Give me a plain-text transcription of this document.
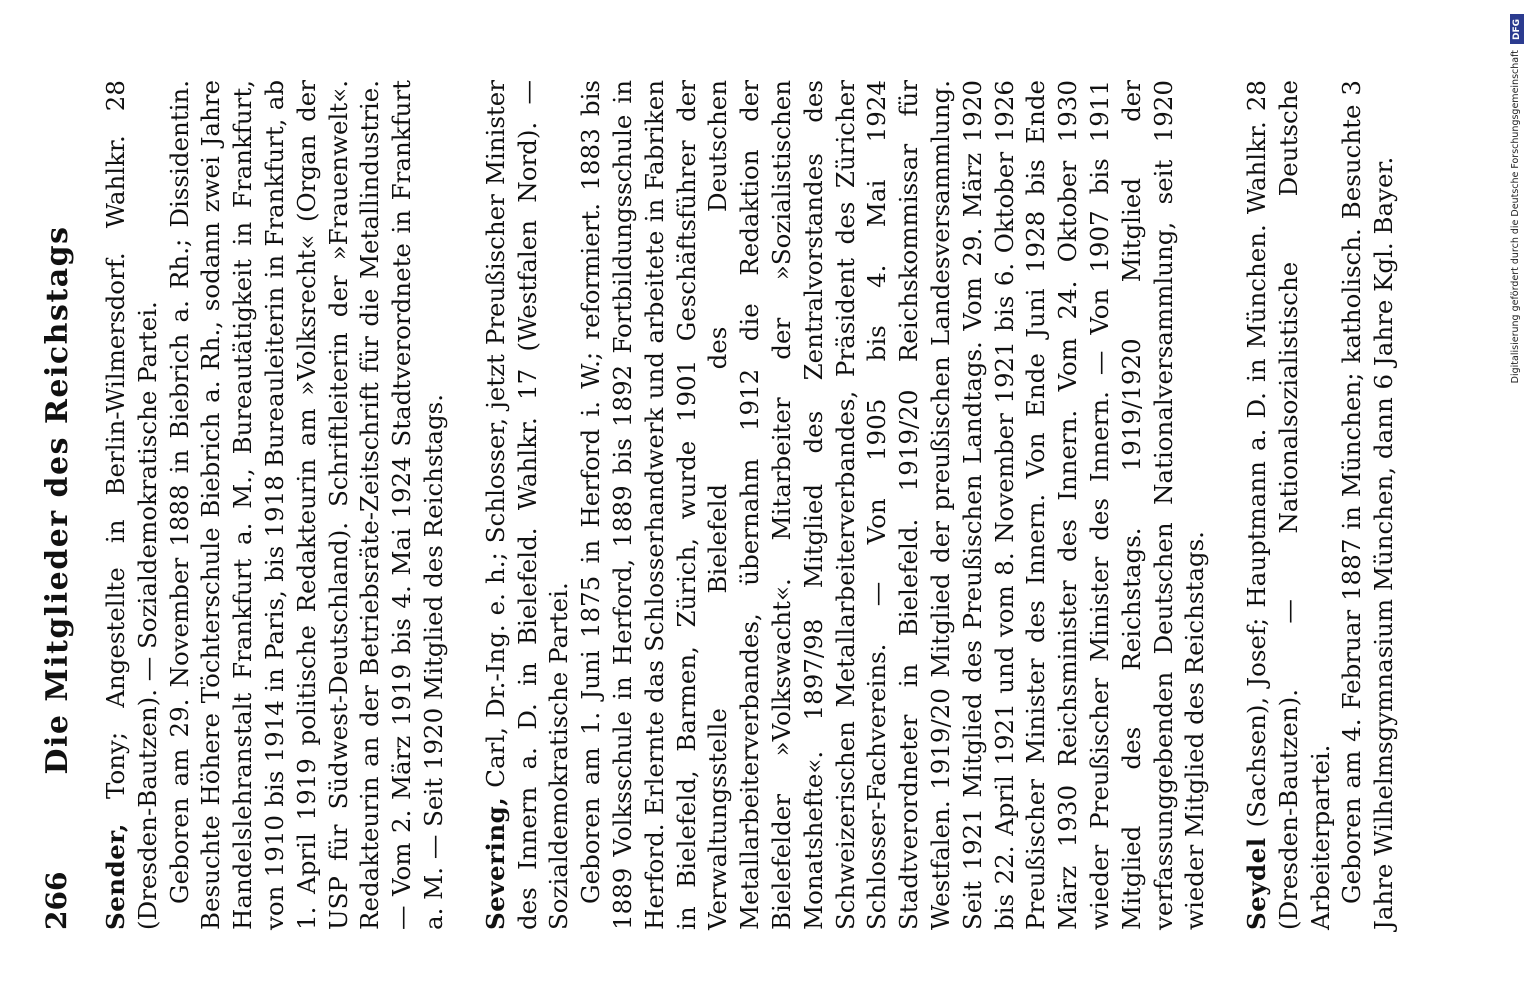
266
Die Mitglieder des Reichstags

Sender, Tony; Angestellte in Berlin-Wilmersdorf. Wahlkr. 28 (Dresden-Bautzen). — Sozialdemokratische Partei. Geboren am 29. November 1888 in Biebrich a. Rh.; Dissidentin. Besuchte Höhere Töchterschule Biebrich a. Rh., sodann zwei Jahre Handelslehranstalt Frankfurt a. M., Bureautätigkeit in Frankfurt, von 1910 bis 1914 in Paris, bis 1918 Bureauleiterin in Frankfurt, ab 1. April 1919 politische Redakteurin am »Volksrecht« (Organ der USP für Südwest-Deutschland). Schriftleiterin der »Frauenwelt«. Redakteurin an der Betriebsräte-Zeitschrift für die Metallindustrie. — Vom 2. März 1919 bis 4. Mai 1924 Stadtverordnete in Frankfurt a. M. — Seit 1920 Mitglied des Reichstags. Severing, Carl, Dr.-Ing. e. h.; Schlosser, jetzt Preußischer Minister des Innern a. D. in Bielefeld. Wahlkr. 17 (Westfalen Nord). — Sozialdemokratische Partei. Geboren am 1. Juni 1875 in Herford i. W.; reformiert. 1883 bis 1889 Volksschule in Herford, 1889 bis 1892 Fortbildungsschule in Herford. Erlernte das Schlosserhandwerk und arbeitete in Fabriken in Bielefeld, Barmen, Zürich, wurde 1901 Geschäftsführer der Verwaltungsstelle Bielefeld des Deutschen Metallarbeiterverbandes, übernahm 1912 die Redaktion der Bielefelder »Volkswacht«. Mitarbeiter der »Sozialistischen Monatshefte«. 1897/98 Mitglied des Zentralvorstandes des Schweizerischen Metallarbeiterverbandes, Präsident des Züricher Schlosser-Fachvereins. — Von 1905 bis 4. Mai 1924 Stadtverordneter in Bielefeld. 1919/20 Reichskommissar für Westfalen. 1919/20 Mitglied der preußischen Landesversammlung. Seit 1921 Mitglied des Preußischen Landtags. Vom 29. März 1920 bis 22. April 1921 und vom 8. November 1921 bis 6. Oktober 1926 Preußischer Minister des Innern. Von Ende Juni 1928 bis Ende März 1930 Reichsminister des Innern. Vom 24. Oktober 1930 wieder Preußischer Minister des Innern. — Von 1907 bis 1911 Mitglied des Reichstags. 1919/1920 Mitglied der verfassunggebenden Deutschen Nationalversammlung, seit 1920 wieder Mitglied des Reichstags. Seydel (Sachsen), Josef; Hauptmann a. D. in München. Wahlkr. 28 (Dresden-Bautzen). — Nationalsozialistische Deutsche Arbeiterpartei. Geboren am 4. Februar 1887 in München; katholisch. Besuchte 3 Jahre Wilhelmsgymnasium München, dann 6 Jahre Kgl. Bayer.

DFG
Digitalisierung gefördert durch die Deutsche Forschungsgemeinschaft
